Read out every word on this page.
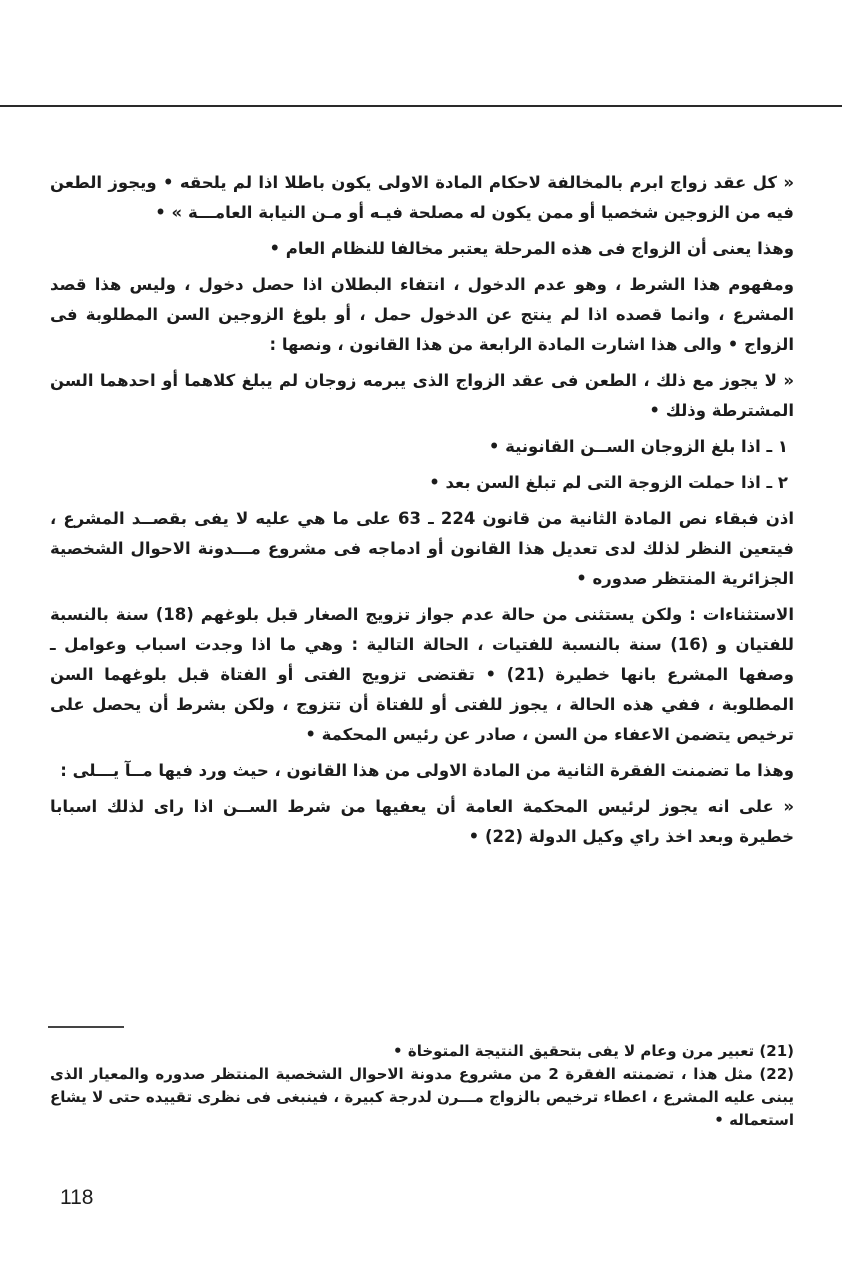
« كل عقد زواج ابرم بالمخالفة لاحكام المادة الاولى يكون باطلا اذا لم يلحقه • ويجوز الطعن فيه من الزوجين شخصيا أو ممن يكون له مصلحة فيـه أو مـن النيابة العامـــة » •

وهذا يعنى أن الزواج فى هذه المرحلة يعتبر مخالفا للنظام العام •

ومفهوم هذا الشرط ، وهو عدم الدخول ، انتفاء البطلان اذا حصل دخول ، وليس هذا قصد المشرع ، وانما قصده اذا لم ينتج عن الدخول حمل ، أو بلوغ الزوجين السن المطلوبة فى الزواج • والى هذا اشارت المادة الرابعة من هذا القانون ، ونصها :

« لا يجوز مع ذلك ، الطعن فى عقد الزواج الذى يبرمه زوجان لم يبلغ كلاهما أو احدهما السن المشترطة وذلك •

١ ـ اذا بلغ الزوجان الســن القانونية •

٢ ـ اذا حملت الزوجة التى لم تبلغ السن بعد •

اذن فبقاء نص المادة الثانية من قانون 224 ـ 63 على ما هي عليه لا يفى بقصــد المشرع ، فيتعين النظر لذلك لدى تعديل هذا القانون أو ادماجه فى مشروع مـــدونة الاحوال الشخصية الجزائرية المنتظر صدوره •

الاستثناءات : ولكن يستثنى من حالة عدم جواز تزويج الصغار قبل بلوغهم (18) سنة بالنسبة للفتيان و (16) سنة بالنسبة للفتيات ، الحالة التالية : وهي ما اذا وجدت اسباب وعوامل ـ وصفها المشرع بانها خطيرة (21) • تقتضى تزويج الفتى أو الفتاة قبل بلوغهما السن المطلوبة ، ففي هذه الحالة ، يجوز للفتى أو للفتاة أن تتزوج ، ولكن بشرط أن يحصل على ترخيص يتضمن الاعفاء من السن ، صادر عن رئيس المحكمة •

وهذا ما تضمنت الفقرة الثانية من المادة الاولى من هذا القانون ، حيث ورد فيها مــآ يـــلى :

« على انه يجوز لرئيس المحكمة العامة أن يعفيها من شرط الســن اذا راى لذلك اسبابا خطيرة وبعد اخذ راي وكيل الدولة (22) •

(21) تعبير مرن وعام لا يفى بتحقيق النتيجة المتوخاة •

(22) مثل هذا ، تضمنته الفقرة 2 من مشروع مدونة الاحوال الشخصية المنتظر صدوره والمعيار الذى يبنى عليه المشرع ، اعطاء ترخيص بالزواج مـــرن لدرجة كبيرة ، فينبغى فى نظرى تقييده حتى لا يشاع استعماله •

118
